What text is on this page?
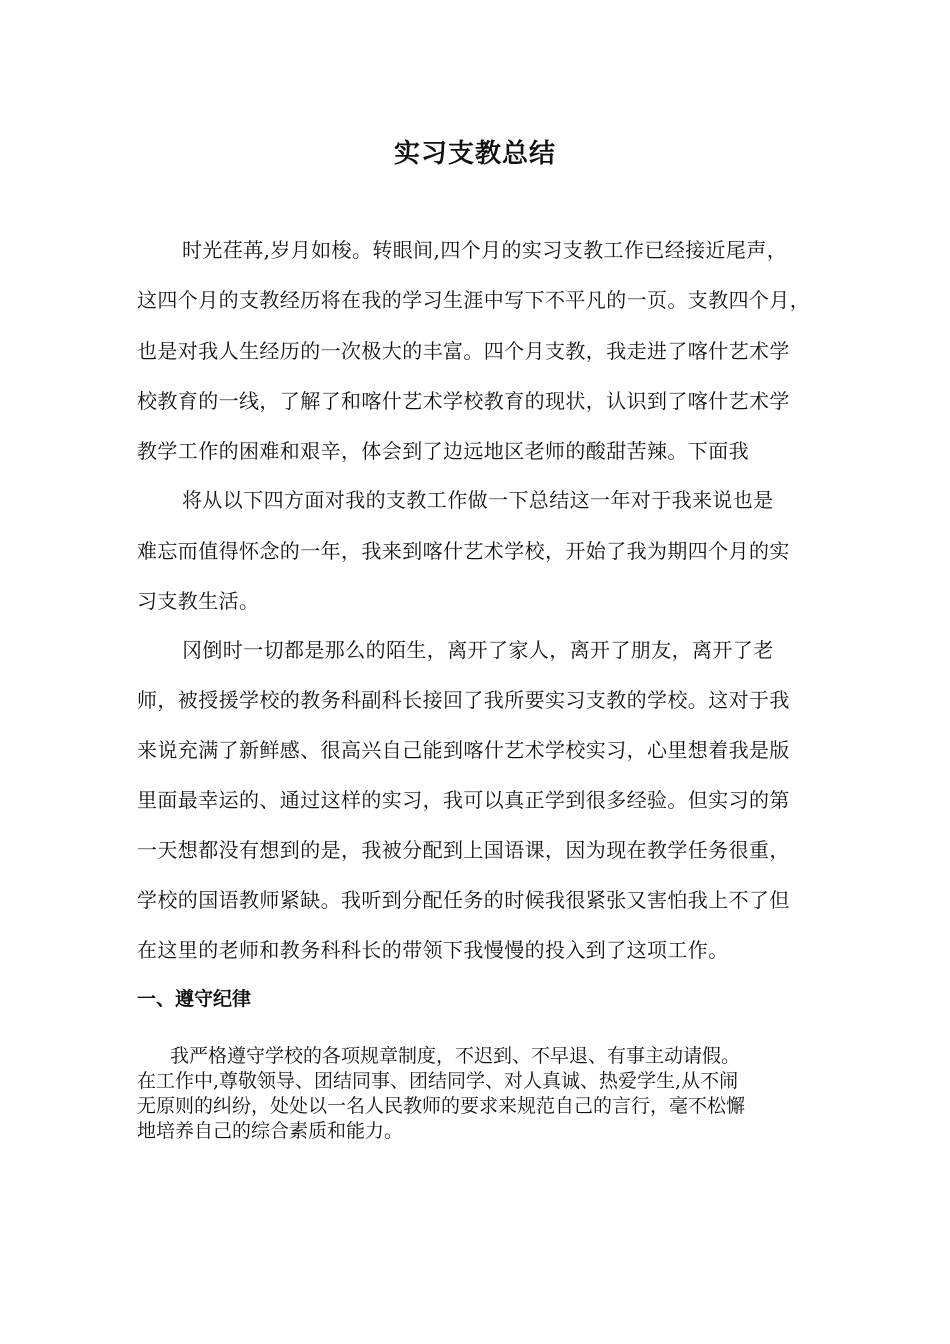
实习支教总结

时光荏苒,岁月如梭。转眼间,四个月的实习支教工作已经接近尾声，

这四个月的支教经历将在我的学习生涯中写下不平凡的一页。支教四个月，

也是对我人生经历的一次极大的丰富。四个月支教，我走进了喀什艺术学

校教育的一线，了解了和喀什艺术学校教育的现状，认识到了喀什艺术学

教学工作的困难和艰辛，体会到了边远地区老师的酸甜苦辣。下面我

将从以下四方面对我的支教工作做一下总结这一年对于我来说也是

难忘而值得怀念的一年，我来到喀什艺术学校，开始了我为期四个月的实

习支教生活。

冈倒时一切都是那么的陌生，离开了家人，离开了朋友，离开了老

师，被授援学校的教务科副科长接回了我所要实习支教的学校。这对于我

来说充满了新鲜感、很高兴自己能到喀什艺术学校实习，心里想着我是版

里面最幸运的、通过这样的实习，我可以真正学到很多经验。但实习的第

一天想都没有想到的是，我被分配到上国语课，因为现在教学任务很重，

学校的国语教师紧缺。我听到分配任务的时候我很紧张又害怕我上不了但

在这里的老师和教务科科长的带领下我慢慢的投入到了这项工作。

一、遵守纪律

我严格遵守学校的各项规章制度，不迟到、不早退、有事主动请假。

在工作中,尊敬领导、团结同事、团结同学、对人真诚、热爱学生,从不闹

无原则的纠纷，处处以一名人民教师的要求来规范自己的言行，毫不松懈

地培养自己的综合素质和能力。
